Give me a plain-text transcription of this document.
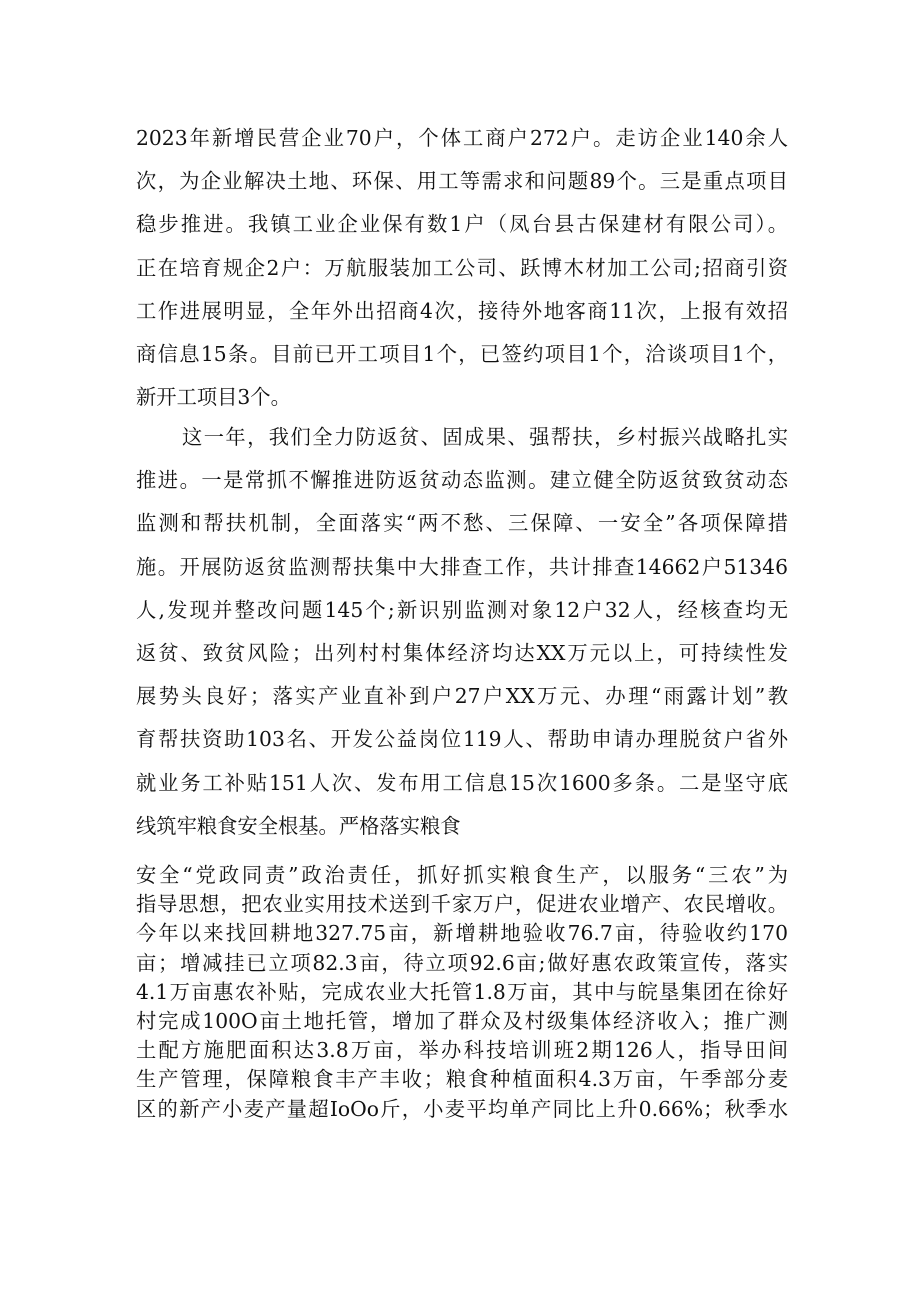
2023年新增民营企业70户，个体工商户272户。走访企业140余人
次，为企业解决土地、环保、用工等需求和问题89个。三是重点项目
稳步推进。我镇工业企业保有数1户（凤台县古保建材有限公司）。
正在培育规企2户：万航服装加工公司、跃博木材加工公司;招商引资
工作进展明显，全年外出招商4次，接待外地客商11次，上报有效招
商信息15条。目前已开工项目1个，已签约项目1个，洽谈项目1个，
新开工项目3个。
这一年，我们全力防返贫、固成果、强帮扶，乡村振兴战略扎实
推进。一是常抓不懈推进防返贫动态监测。建立健全防返贫致贫动态
监测和帮扶机制，全面落实“两不愁、三保障、一安全”各项保障措
施。开展防返贫监测帮扶集中大排查工作，共计排查14662户51346
人,发现并整改问题145个;新识别监测对象12户32人，经核查均无
返贫、致贫风险；出列村村集体经济均达XX万元以上，可持续性发
展势头良好；落实产业直补到户27户XX万元、办理“雨露计划”教
育帮扶资助103名、开发公益岗位119人、帮助申请办理脱贫户省外
就业务工补贴151人次、发布用工信息15次1600多条。二是坚守底
线筑牢粮食安全根基。严格落实粮食
安全“党政同责”政治责任，抓好抓实粮食生产，以服务“三农”为
指导思想，把农业实用技术送到千家万户，促进农业增产、农民增收。
今年以来找回耕地327.75亩，新增耕地验收76.7亩，待验收约170
亩；增减挂已立项82.3亩，待立项92.6亩;做好惠农政策宣传，落实
4.1万亩惠农补贴，完成农业大托管1.8万亩，其中与皖垦集团在徐好
村完成100O亩土地托管，增加了群众及村级集体经济收入；推广测
土配方施肥面积达3.8万亩，举办科技培训班2期126人，指导田间
生产管理，保障粮食丰产丰收；粮食种植面积4.3万亩，午季部分麦
区的新产小麦产量超IoOo斤，小麦平均单产同比上升0.66%；秋季水
